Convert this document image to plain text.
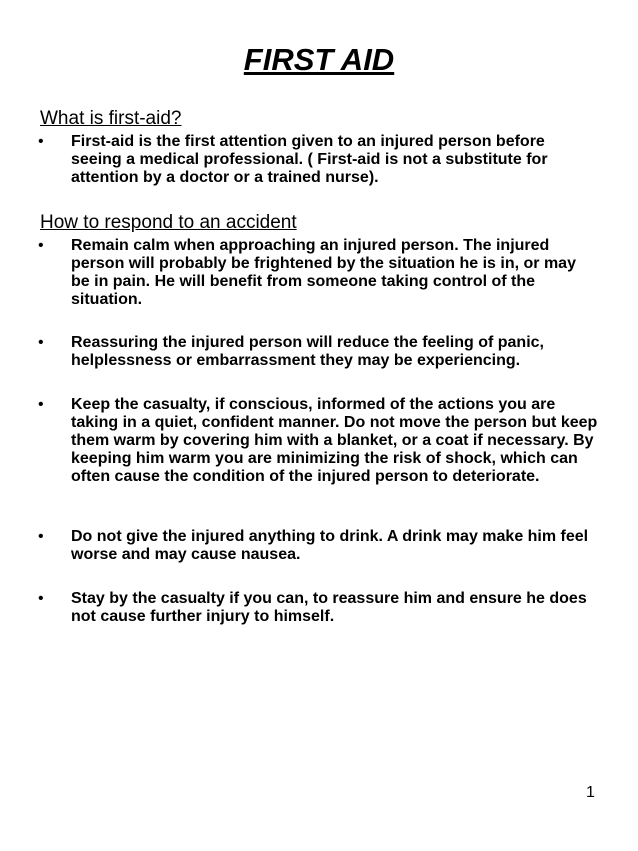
FIRST AID
What is first-aid?
•	First-aid is the first attention given to an injured person before seeing a medical professional. ( First-aid is not a substitute for attention by a doctor or a trained nurse).
How to respond to an accident
•	Remain calm when approaching an injured person. The injured person will probably be frightened by the situation he is in, or may be in pain. He will benefit from someone taking control of the situation.
•	Reassuring the injured person will reduce the feeling of panic, helplessness or embarrassment they may be experiencing.
•	Keep the casualty, if conscious, informed of the actions you are taking in a quiet, confident manner. Do not move the person but keep them warm by covering him with a blanket, or a coat if necessary. By keeping him warm you are minimizing the risk of shock, which can often cause the condition of the injured person to deteriorate.
•	Do not give the injured anything to drink. A drink may make him feel worse and may cause nausea.
•	Stay by the casualty if you can, to reassure him and ensure he does not cause further injury to himself.
1
